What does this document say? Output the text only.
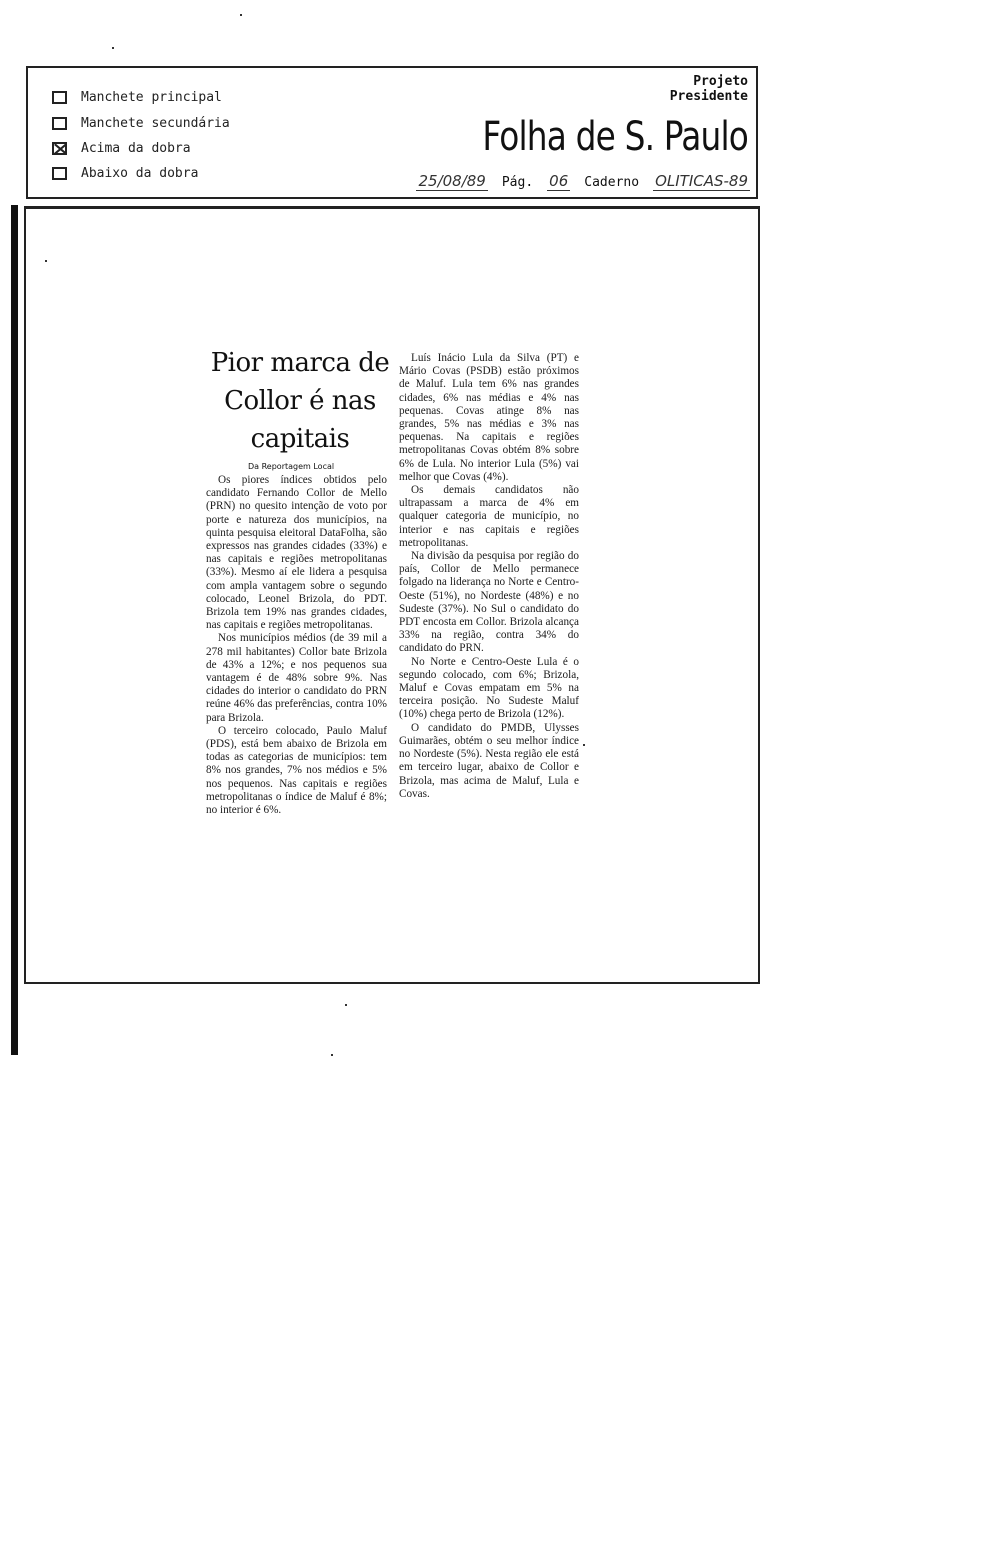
Manchete principal
Manchete secundária
Acima da dobra
Abaixo da dobra
Projeto
Presidente
Folha de S. Paulo
25/08/89 Pág. 06 Caderno OLITICAS-89
Pior marca de Collor é nas capitais
Da Reportagem Local

Os piores índices obtidos pelo candidato Fernando Collor de Mello (PRN) no quesito intenção de voto por porte e natureza dos municípios, na quinta pesquisa eleitoral DataFolha, são expressos nas grandes cidades (33%) e nas capitais e regiões metropolitanas (33%). Mesmo aí ele lidera a pesquisa com ampla vantagem sobre o segundo colocado, Leonel Brizola, do PDT. Brizola tem 19% nas grandes cidades, nas capitais e regiões metropolitanas.

Nos municípios médios (de 39 mil a 278 mil habitantes) Collor bate Brizola de 43% a 12%; e nos pequenos sua vantagem é de 48% sobre 9%. Nas cidades do interior o candidato do PRN reúne 46% das preferências, contra 10% para Brizola.

O terceiro colocado, Paulo Maluf (PDS), está bem abaixo de Brizola em todas as categorias de municípios: tem 8% nos grandes, 7% nos médios e 5% nos pequenos. Nas capitais e regiões metropolitanas o índice de Maluf é 8%; no interior é 6%.

Luís Inácio Lula da Silva (PT) e Mário Covas (PSDB) estão próximos de Maluf. Lula tem 6% nas grandes cidades, 6% nas médias e 4% nas pequenas. Covas atinge 8% nas grandes, 5% nas médias e 3% nas pequenas. Na capitais e regiões metropolitanas Covas obtém 8% sobre 6% de Lula. No interior Lula (5%) vai melhor que Covas (4%).

Os demais candidatos não ultrapassam a marca de 4% em qualquer categoria de município, no interior e nas capitais e regiões metropolitanas.

Na divisão da pesquisa por região do país, Collor de Mello permanece folgado na liderança no Norte e Centro-Oeste (51%), no Nordeste (48%) e no Sudeste (37%). No Sul o candidato do PDT encosta em Collor. Brizola alcança 33% na região, contra 34% do candidato do PRN.

No Norte e Centro-Oeste Lula é o segundo colocado, com 6%; Brizola, Maluf e Covas empatam em 5% na terceira posição. No Sudeste Maluf (10%) chega perto de Brizola (12%).

O candidato do PMDB, Ulysses Guimarães, obtém o seu melhor índice no Nordeste (5%). Nesta região ele está em terceiro lugar, abaixo de Collor e Brizola, mas acima de Maluf, Lula e Covas.
